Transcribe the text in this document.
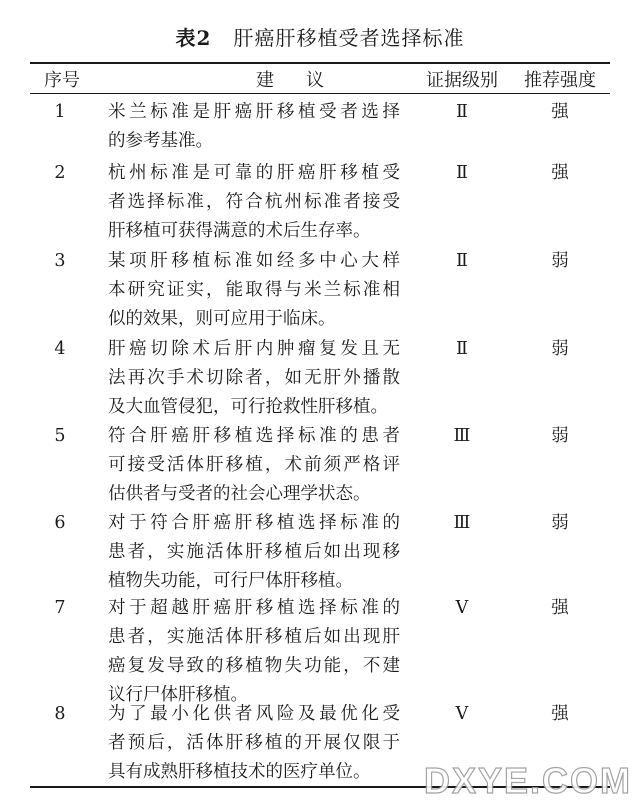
表2 肝癌肝移植受者选择标准
序号	建议	证据级别	推荐强度
1	米兰标准是肝癌肝移植受者选择
的参考基准。
Ⅱ	强
2	杭州标准是可靠的肝癌肝移植受
者选择标准，符合杭州标准者接受
肝移植可获得满意的术后生存率。
Ⅱ	强
3	某项肝移植标准如经多中心大样
本研究证实，能取得与米兰标准相
似的效果，则可应用于临床。
Ⅱ	弱
4	肝癌切除术后肝内肿瘤复发且无
法再次手术切除者，如无肝外播散
及大血管侵犯，可行抢救性肝移植。
Ⅱ	弱
5	符合肝癌肝移植选择标准的患者
可接受活体肝移植，术前须严格评
估供者与受者的社会心理学状态。
Ⅲ	弱
6	对于符合肝癌肝移植选择标准的
患者，实施活体肝移植后如出现移
植物失功能，可行尸体肝移植。
Ⅲ	弱
7	对于超越肝癌肝移植选择标准的
患者，实施活体肝移植后如出现肝
癌复发导致的移植物失功能，不建
议行尸体肝移植。
Ⅴ	强
8	为了最小化供者风险及最优化受
者预后，活体肝移植的开展仅限于
具有成熟肝移植技术的医疗单位。
Ⅴ	强
DXYE.COM
